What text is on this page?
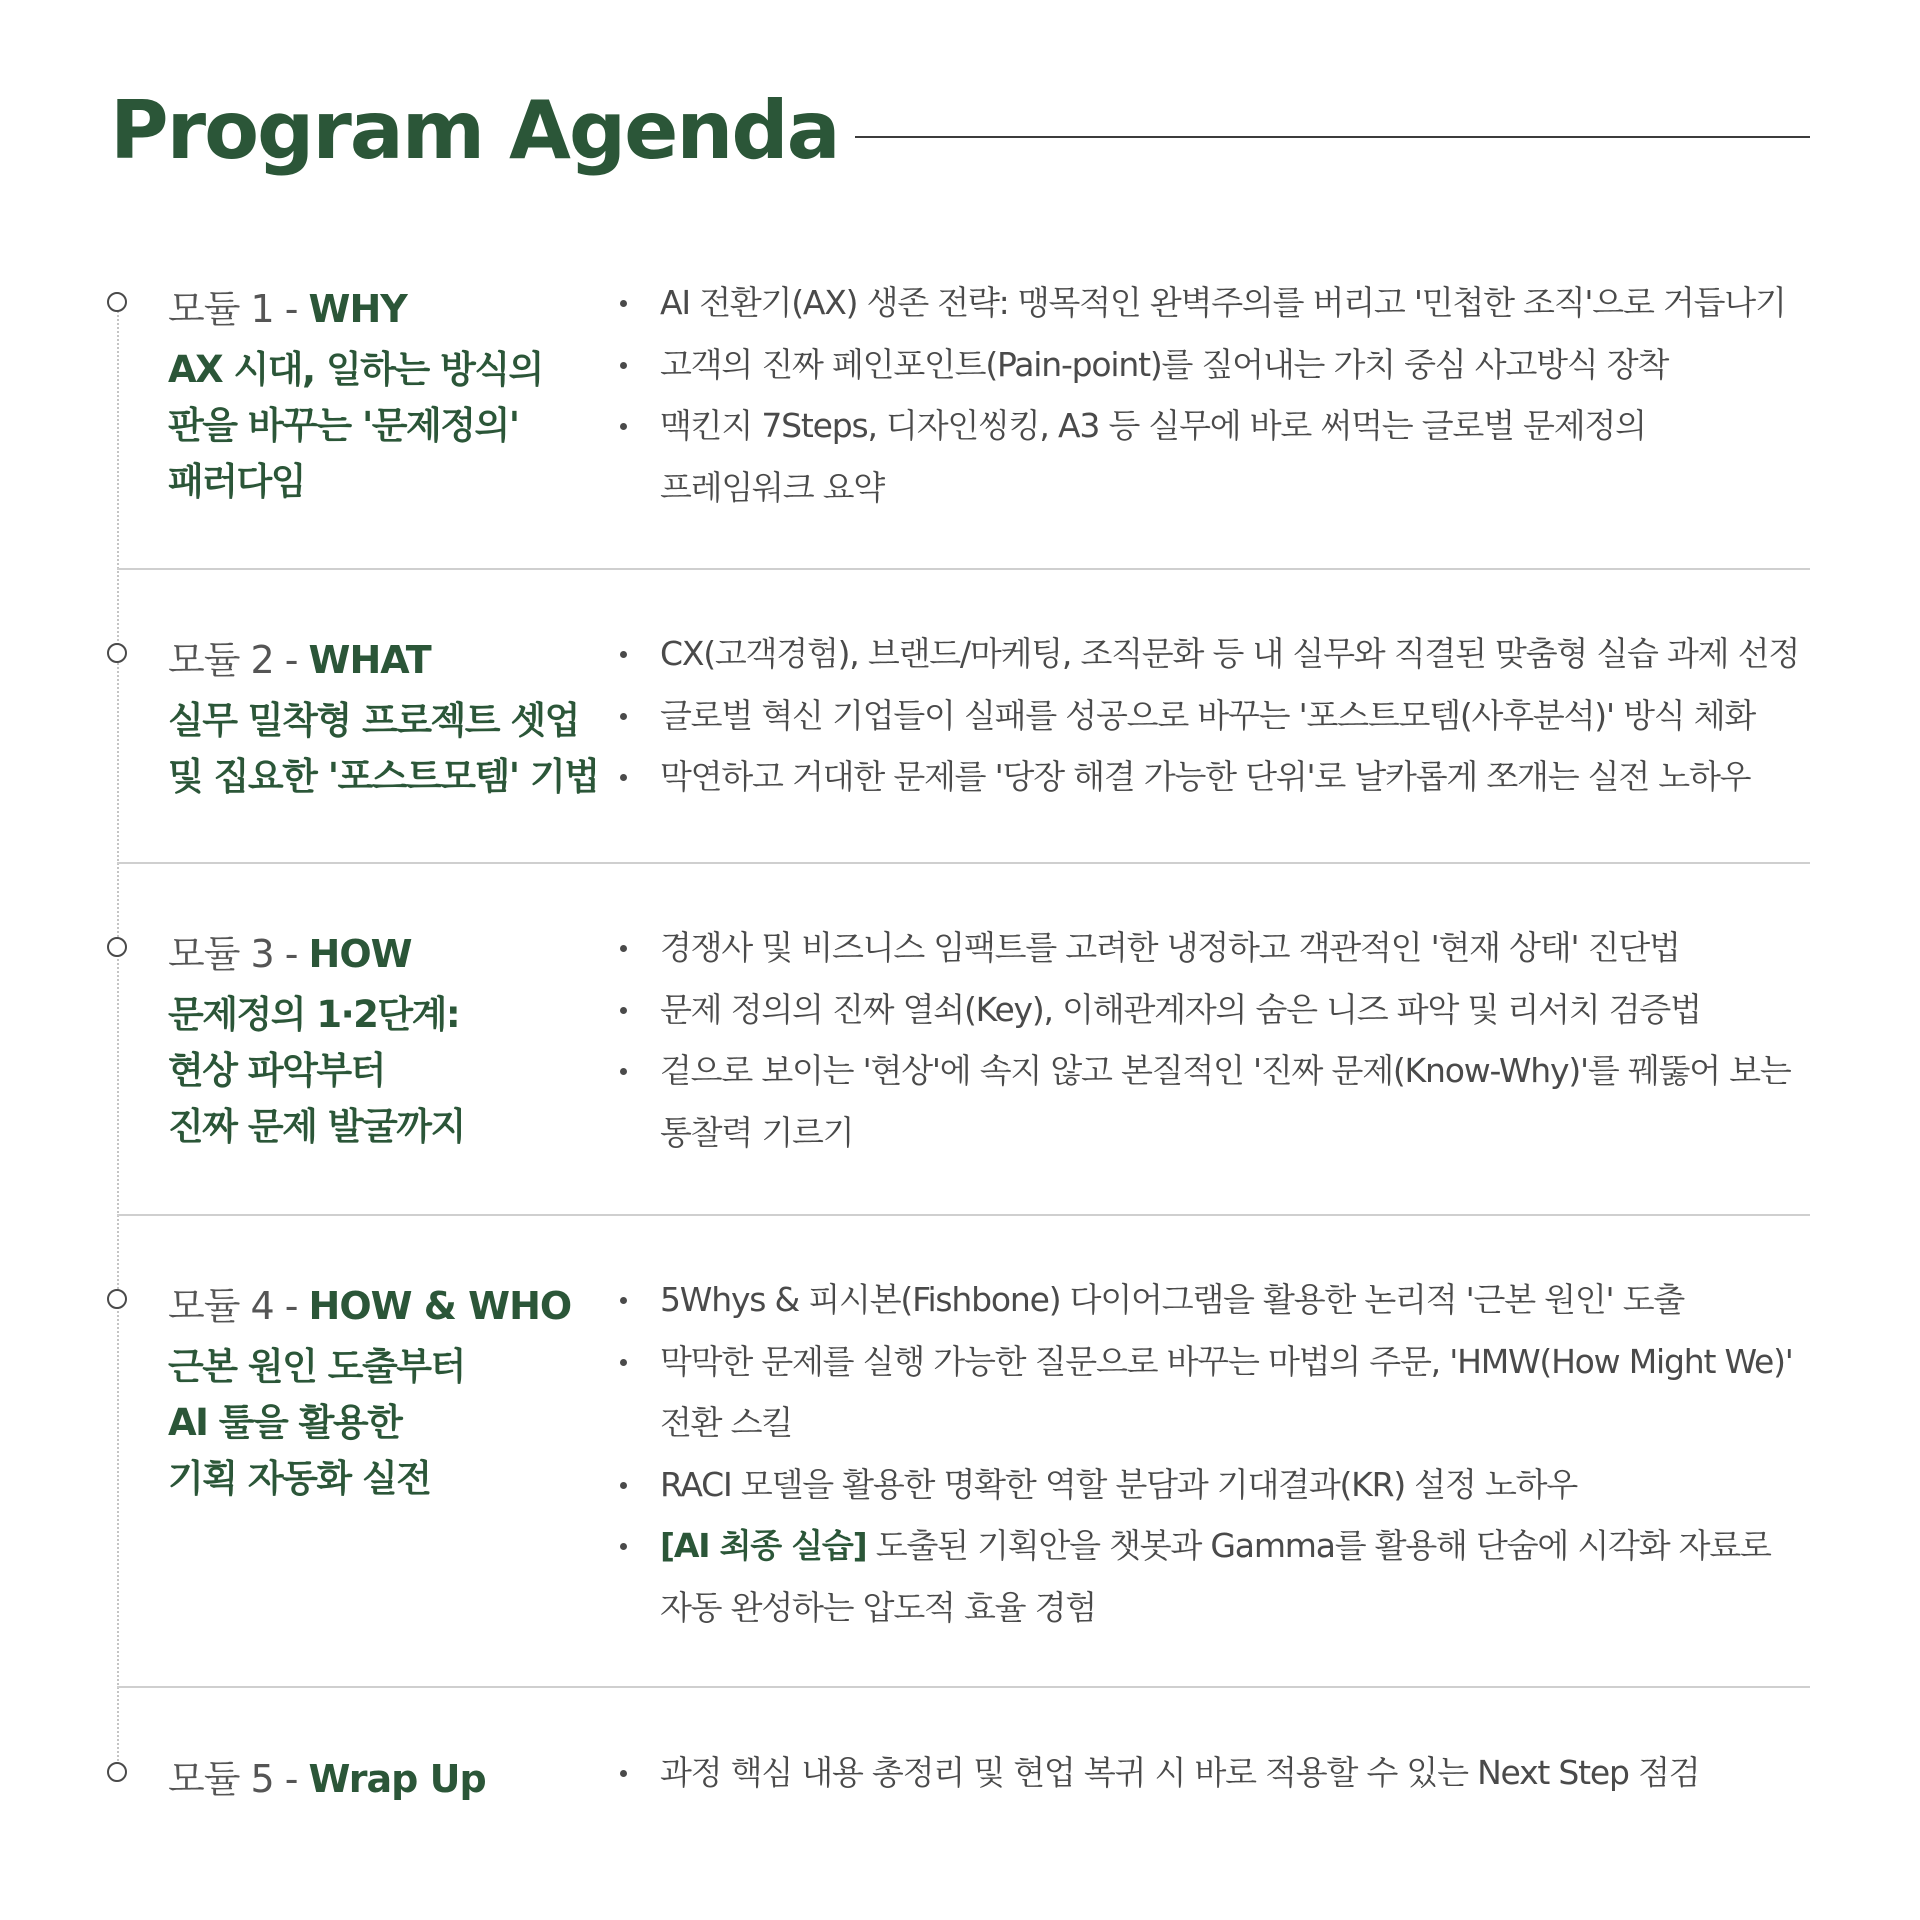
Program Agenda
모듈 1 - WHY

AX 시대, 일하는 방식의
판을 바꾸는 '문제정의'
패러다임

AI 전환기(AX) 생존 전략: 맹목적인 완벽주의를 버리고 '민첩한 조직'으로 거듭나기
고객의 진짜 페인포인트(Pain-point)를 짚어내는 가치 중심 사고방식 장착
맥킨지 7Steps, 디자인씽킹, A3 등 실무에 바로 써먹는 글로벌 문제정의
프레임워크 요약
모듈 2 - WHAT

실무 밀착형 프로젝트 셋업
및 집요한 '포스트모템' 기법

CX(고객경험), 브랜드/마케팅, 조직문화 등 내 실무와 직결된 맞춤형 실습 과제 선정
글로벌 혁신 기업들이 실패를 성공으로 바꾸는 '포스트모템(사후분석)' 방식 체화
막연하고 거대한 문제를 '당장 해결 가능한 단위'로 날카롭게 쪼개는 실전 노하우
모듈 3 - HOW

문제정의 1·2단계:
현상 파악부터
진짜 문제 발굴까지

경쟁사 및 비즈니스 임팩트를 고려한 냉정하고 객관적인 '현재 상태' 진단법
문제 정의의 진짜 열쇠(Key), 이해관계자의 숨은 니즈 파악 및 리서치 검증법
겉으로 보이는 '현상'에 속지 않고 본질적인 '진짜 문제(Know-Why)'를 꿰뚫어 보는
통찰력 기르기
모듈 4 - HOW & WHO

근본 원인 도출부터
AI 툴을 활용한
기획 자동화 실전

5Whys & 피시본(Fishbone) 다이어그램을 활용한 논리적 '근본 원인' 도출
막막한 문제를 실행 가능한 질문으로 바꾸는 마법의 주문, 'HMW(How Might We)'
전환 스킬
RACI 모델을 활용한 명확한 역할 분담과 기대결과(KR) 설정 노하우
[AI 최종 실습] 도출된 기획안을 챗봇과 Gamma를 활용해 단숨에 시각화 자료로
자동 완성하는 압도적 효율 경험
모듈 5 - Wrap Up	과정 핵심 내용 총정리 및 현업 복귀 시 바로 적용할 수 있는 Next Step 점검
